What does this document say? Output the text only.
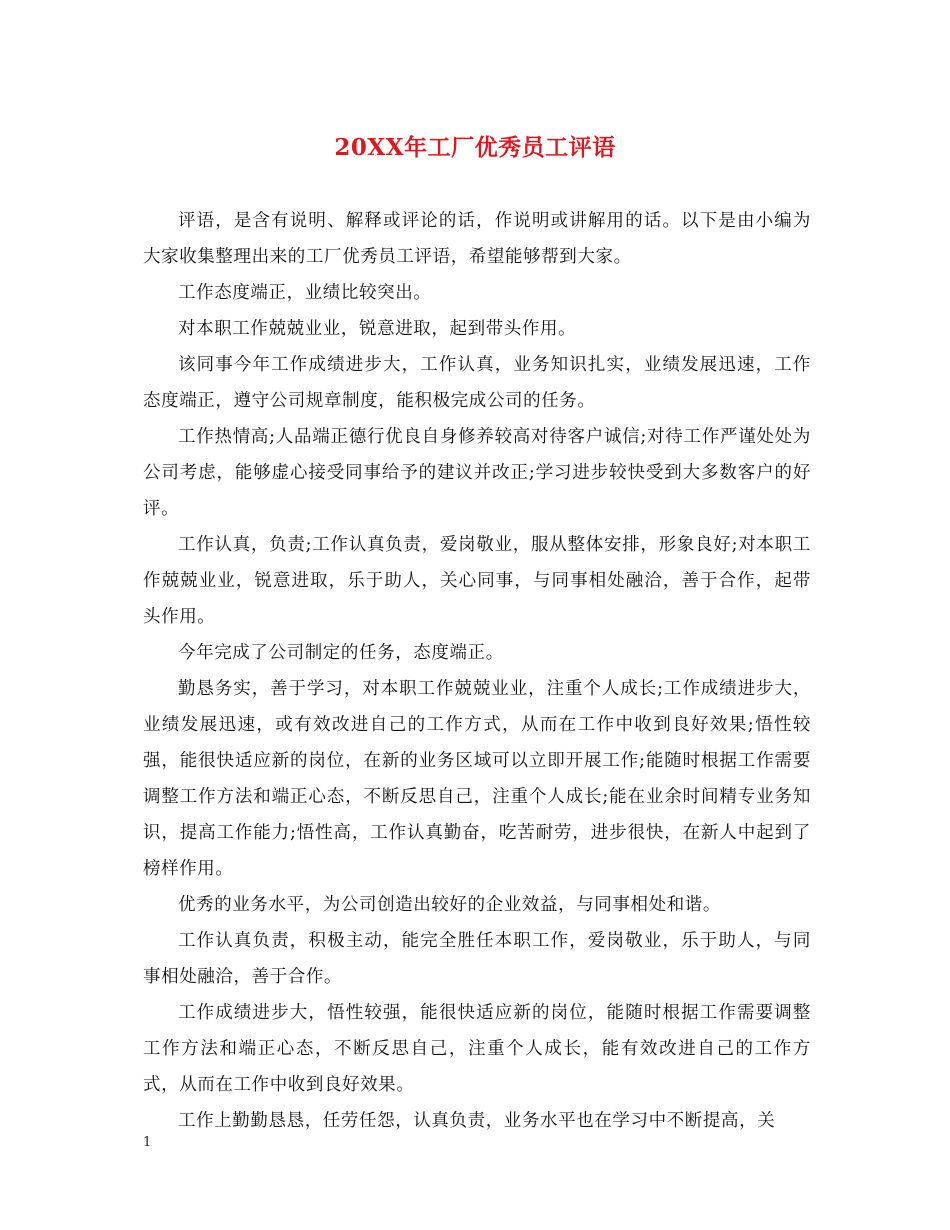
20XX年工厂优秀员工评语

评语，是含有说明、解释或评论的话，作说明或讲解用的话。以下是由小编为大家收集整理出来的工厂优秀员工评语，希望能够帮到大家。

工作态度端正，业绩比较突出。

对本职工作兢兢业业，锐意进取，起到带头作用。

该同事今年工作成绩进步大，工作认真，业务知识扎实，业绩发展迅速，工作态度端正，遵守公司规章制度，能积极完成公司的任务。

工作热情高;人品端正德行优良自身修养较高对待客户诚信;对待工作严谨处处为公司考虑，能够虚心接受同事给予的建议并改正;学习进步较快受到大多数客户的好评。

工作认真，负责;工作认真负责，爱岗敬业，服从整体安排，形象良好;对本职工作兢兢业业，锐意进取，乐于助人，关心同事，与同事相处融洽，善于合作，起带头作用。

今年完成了公司制定的任务，态度端正。

勤恳务实，善于学习，对本职工作兢兢业业，注重个人成长;工作成绩进步大，业绩发展迅速，或有效改进自己的工作方式，从而在工作中收到良好效果;悟性较强，能很快适应新的岗位，在新的业务区域可以立即开展工作;能随时根据工作需要调整工作方法和端正心态，不断反思自己，注重个人成长;能在业余时间精专业务知识，提高工作能力;悟性高，工作认真勤奋，吃苦耐劳，进步很快，在新人中起到了榜样作用。

优秀的业务水平，为公司创造出较好的企业效益，与同事相处和谐。

工作认真负责，积极主动，能完全胜任本职工作，爱岗敬业，乐于助人，与同事相处融洽，善于合作。

工作成绩进步大，悟性较强，能很快适应新的岗位，能随时根据工作需要调整工作方法和端正心态，不断反思自己，注重个人成长，能有效改进自己的工作方式，从而在工作中收到良好效果。

工作上勤勤恳恳，任劳任怨，认真负责，业务水平也在学习中不断提高，关

1
